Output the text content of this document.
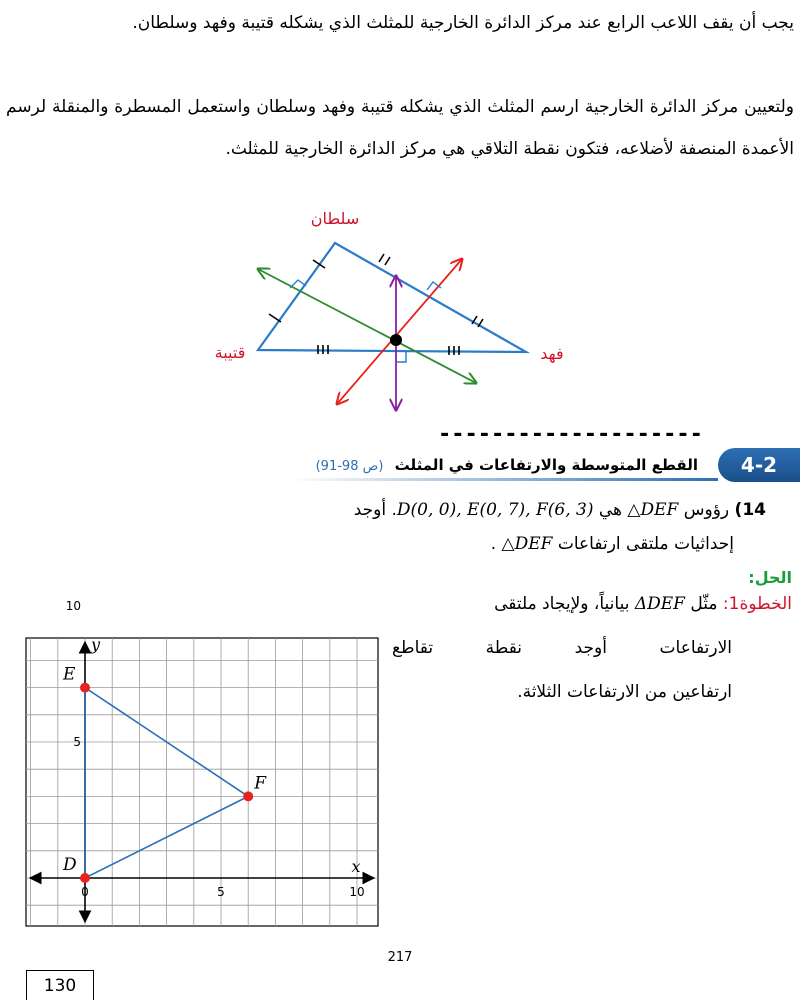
يجب أن يقف اللاعب الرابع عند مركز الدائرة الخارجية للمثلث الذي يشكله قتيبة وفهد وسلطان.

ولتعيين مركز الدائرة الخارجية ارسم المثلث الذي يشكله قتيبة وفهد وسلطان واستعمل المسطرة والمنقلة لرسم الأعمدة المنصفة لأضلاعه، فتكون نقطة التلاقي هي مركز الدائرة الخارجية للمثلث.

سلطان
قتيبة	فهد
--------------------
4-2
القطع المتوسطة والارتفاعات في المثلث (ص 98-91)
14) رؤوس △DEF هي D(0, 0), E(0, 7), F(6, 3). أوجد
إحداثيات ملتقى ارتفاعات △DEF .
الحل:
الخطوة1: مثّل ΔDEF بيانياً، ولإيجاد ملتقى
الارتفاعات أوجد نقطة تقاطع
ارتفاعين من الارتفاعات الثلاثة.
x
y
0	5	10
5
10
D
E
F
217
130
